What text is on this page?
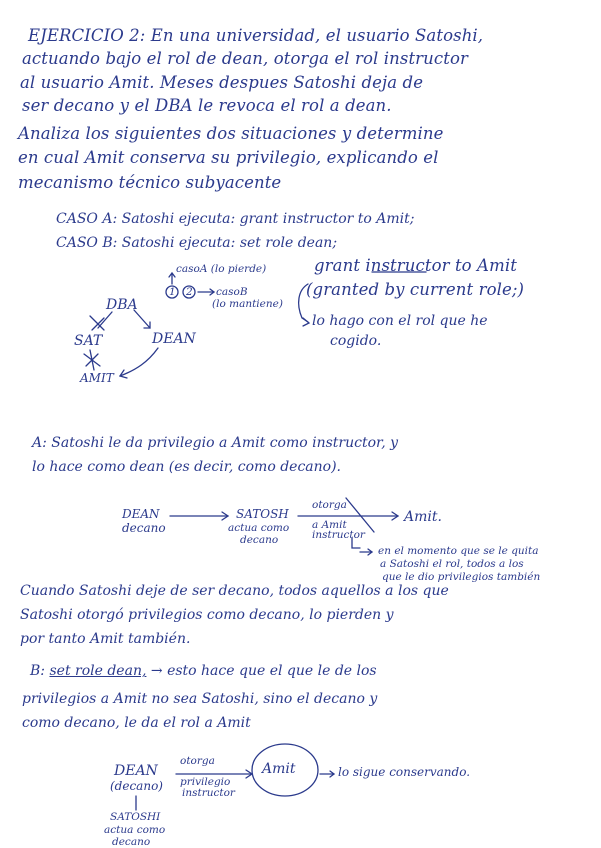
EJERCICIO 2: En una universidad, el usuario Satoshi,
actuando bajo el rol de dean, otorga el rol instructor
al usuario Amit. Meses despues Satoshi deja de
ser decano y el DBA le revoca el rol a dean.
Analiza los siguientes dos situaciones y determine
en cual Amit conserva su privilegio, explicando el
mecanismo técnico subyacente
CASO A: Satoshi ejecuta: grant instructor to Amit;
CASO B: Satoshi ejecuta: set role dean;
DBA
SAT	DEAN
AMIT
1 2
casoA (lo pierde)
casoB
(lo mantiene)
grant instructor to Amit
(granted by current role;)
lo hago con el rol que he
cogido.
A: Satoshi le da privilegio a Amit como instructor, y
lo hace como dean (es decir, como decano).
DEAN
decano
SATOSH
actua como
decano
otorga
a Amit
instructor
Amit.
en el momento que se le quita
a Satoshi el rol, todos a los
que le dio privilegios también
Cuando Satoshi deje de ser decano, todos aquellos a los que
Satoshi otorgó privilegios como decano, lo pierden y
por tanto Amit también.
B: set role dean, → esto hace que el que le de los
privilegios a Amit no sea Satoshi, sino el decano y
como decano, le da el rol a Amit
DEAN
(decano)
otorga
privilegio
instructor
Amit	lo sigue conservando.
SATOSHI
actua como
decano
